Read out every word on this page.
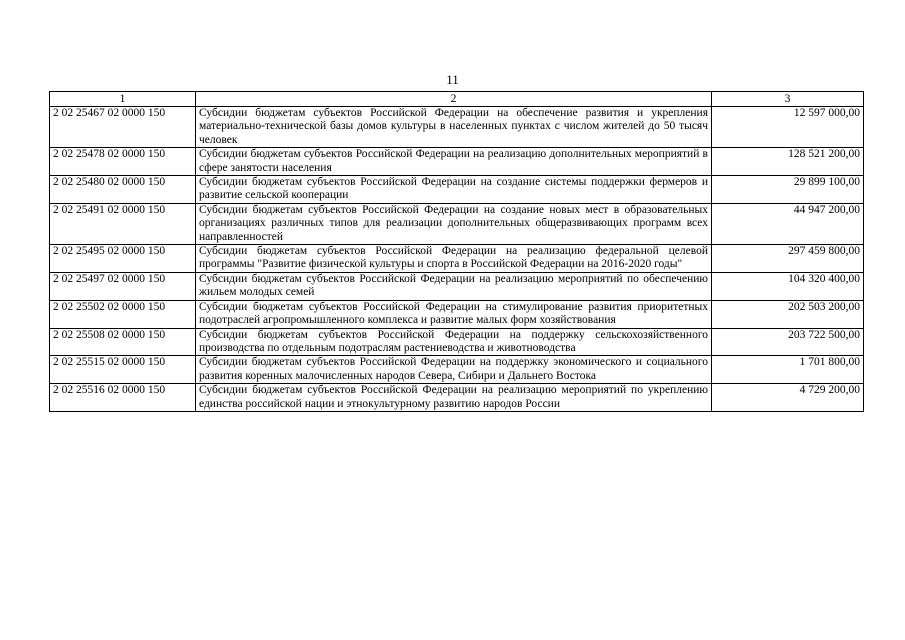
11
1	2	3
2 02 25467 02 0000 150	Субсидии бюджетам субъектов Российской Федерации на обеспечение развития и укрепления материально-технической базы домов культуры в населенных пунктах с числом жителей до 50 тысяч человек	12 597 000,00
2 02 25478 02 0000 150	Субсидии бюджетам субъектов Российской Федерации на реализацию дополнительных мероприятий в сфере занятости населения	128 521 200,00
2 02 25480 02 0000 150	Субсидии бюджетам субъектов Российской Федерации на создание системы поддержки фермеров и развитие сельской кооперации	29 899 100,00
2 02 25491 02 0000 150	Субсидии бюджетам субъектов Российской Федерации на создание новых мест в образовательных организациях различных типов для реализации дополнительных общеразвивающих программ всех направленностей	44 947 200,00
2 02 25495 02 0000 150	Субсидии бюджетам субъектов Российской Федерации на реализацию федеральной целевой программы "Развитие физической культуры и спорта в Российской Федерации на 2016-2020 годы"	297 459 800,00
2 02 25497 02 0000 150	Субсидии бюджетам субъектов Российской Федерации на реализацию мероприятий по обеспечению жильем молодых семей	104 320 400,00
2 02 25502 02 0000 150	Субсидии бюджетам субъектов Российской Федерации на стимулирование развития приоритетных подотраслей агропромышленного комплекса и развитие малых форм хозяйствования	202 503 200,00
2 02 25508 02 0000 150	Субсидии бюджетам субъектов Российской Федерации на поддержку сельскохозяйственного производства по отдельным подотраслям растениеводства и животноводства	203 722 500,00
2 02 25515 02 0000 150	Субсидии бюджетам субъектов Российской Федерации на поддержку экономического и социального развития коренных малочисленных народов Севера, Сибири и Дальнего Востока	1 701 800,00
2 02 25516 02 0000 150	Субсидии бюджетам субъектов Российской Федерации на реализацию мероприятий по укреплению единства российской нации и этнокультурному развитию народов России	4 729 200,00
